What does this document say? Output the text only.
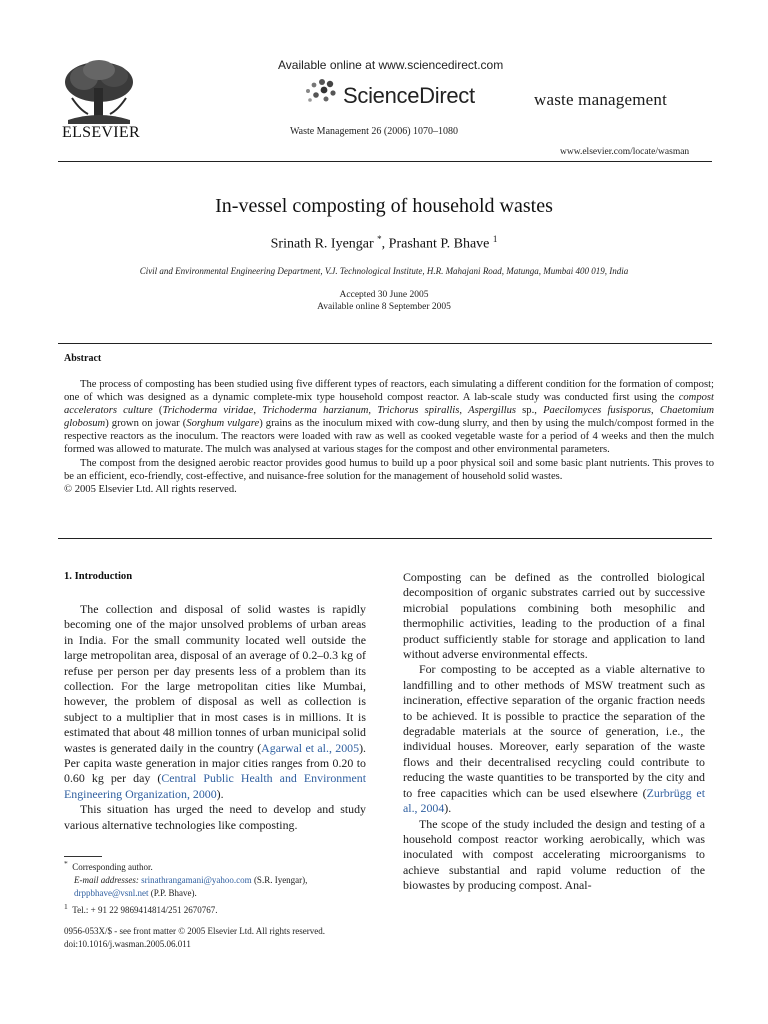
ELSEVIER
Available online at www.sciencedirect.com
ScienceDirect
Waste Management 26 (2006) 1070–1080
waste management
www.elsevier.com/locate/wasman
In-vessel composting of household wastes
Srinath R. Iyengar *, Prashant P. Bhave $^1$
Civil and Environmental Engineering Department, V.J. Technological Institute, H.R. Mahajani Road, Matunga, Mumbai 400 019, India
Accepted 30 June 2005
Available online 8 September 2005
Abstract

The process of composting has been studied using five different types of reactors, each simulating a different condition for the formation of compost; one of which was designed as a dynamic complete-mix type household compost reactor. A lab-scale study was conducted first using the compost accelerators culture (Trichoderma viridae, Trichoderma harzianum, Trichorus spirallis, Aspergillus sp., Paecilomyces fusisporus, Chaetomium globosum) grown on jowar (Sorghum vulgare) grains as the inoculum mixed with cow-dung slurry, and then by using the mulch/compost formed in the respective reactors as the inoculum. The reactors were loaded with raw as well as cooked vegetable waste for a period of 4 weeks and then the mulch formed was allowed to maturate. The mulch was analysed at various stages for the compost and other environmental parameters.

The compost from the designed aerobic reactor provides good humus to build up a poor physical soil and some basic plant nutrients. This proves to be an efficient, eco-friendly, cost-effective, and nuisance-free solution for the management of household solid wastes.

© 2005 Elsevier Ltd. All rights reserved.

1. Introduction

The collection and disposal of solid wastes is rapidly becoming one of the major unsolved problems of urban areas in India. For the small community located well outside the large metropolitan area, disposal of an average of 0.2–0.3 kg of refuse per person per day presents less of a problem than its collection. For the large metropolitan cities like Mumbai, however, the problem of disposal as well as collection is subject to a multiplier that in most cases is in millions. It is estimated that about 48 million tonnes of urban municipal solid wastes is generated daily in the country (Agarwal et al., 2005). Per capita waste generation in major cities ranges from 0.20 to 0.60 kg per day (Central Public Health and Environment Engineering Organization, 2000).

This situation has urged the need to develop and study various alternative technologies like composting.

Composting can be defined as the controlled biological decomposition of organic substrates carried out by successive microbial populations combining both mesophilic and thermophilic activities, leading to the production of a final product sufficiently stable for storage and application to land without adverse environmental effects.

For composting to be accepted as a viable alternative to landfilling and to other methods of MSW treatment such as incineration, effective separation of the organic fraction needs to be achieved. It is possible to practice the separation of the degradable materials at the source of generation, i.e., the individual houses. Moreover, early separation of the waste flows and their decentralised recycling could contribute to reducing the waste quantities to be transported by the city and to free capacities which can be used elsewhere (Zurbrügg et al., 2004).

The scope of the study included the design and testing of a household compost reactor working aerobically, which was inoculated with compost accelerating microorganisms to achieve substantial and rapid volume reduction of the biowastes by producing compost. Anal-

* Corresponding author.

E-mail addresses: srinathrangamani@yahoo.com (S.R. Iyengar),
drppbhave@vsnl.net (P.P. Bhave).

$^1$ Tel.: + 91 22 9869414814/251 2670767.

0956-053X/$ - see front matter © 2005 Elsevier Ltd. All rights reserved.
doi:10.1016/j.wasman.2005.06.011
